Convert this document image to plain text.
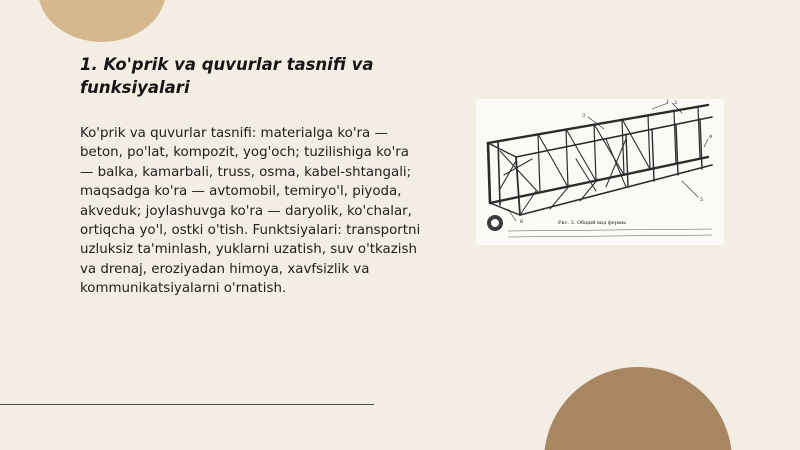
1. Ko'prik va quvurlar tasnifi va funksiyalari

Ko'prik va quvurlar tasnifi: materialga ko'ra — beton, po'lat, kompozit, yog'och; tuzilishiga ko'ra — balka, kamarbali, truss, osma, kabel-shtangali; maqsadga ko'ra — avtomobil, temiryo'l, piyoda, akveduk; joylashuvga ko'ra — daryolik, ko'chalar, ortiqcha yo'l, ostki o'tish. Funktsiyalari: transportni uzluksiz ta'minlash, yuklarni uzatish, suv o'tkazish va drenaj, eroziyadan himoya, xavfsizlik va kommunikatsiyalarni o'rnatish.

1 2
3
4
5
6	Рис. 3. Общий вид фермы
